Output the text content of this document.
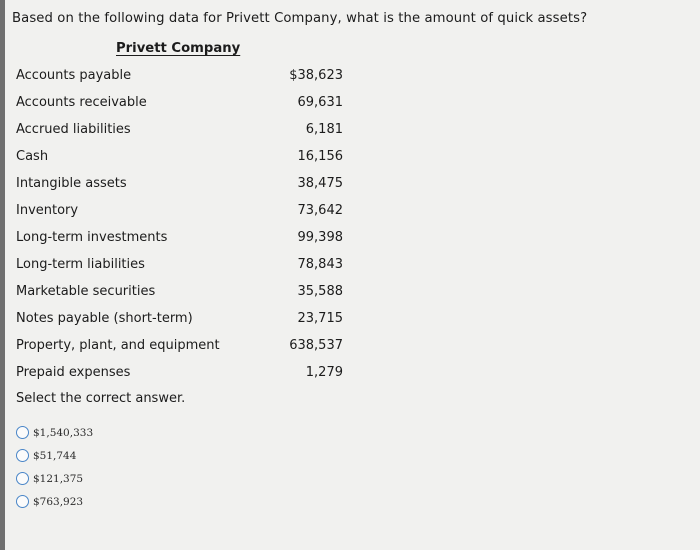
Based on the following data for Privett Company, what is the amount of quick assets?
Privett Company
Accounts payable	$38,623
Accounts receivable	69,631
Accrued liabilities	6,181
Cash	16,156
Intangible assets	38,475
Inventory	73,642
Long-term investments	99,398
Long-term liabilities	78,843
Marketable securities	35,588
Notes payable (short-term)	23,715
Property, plant, and equipment	638,537
Prepaid expenses	1,279
Select the correct answer.
$1,540,333
$51,744
$121,375
$763,923
